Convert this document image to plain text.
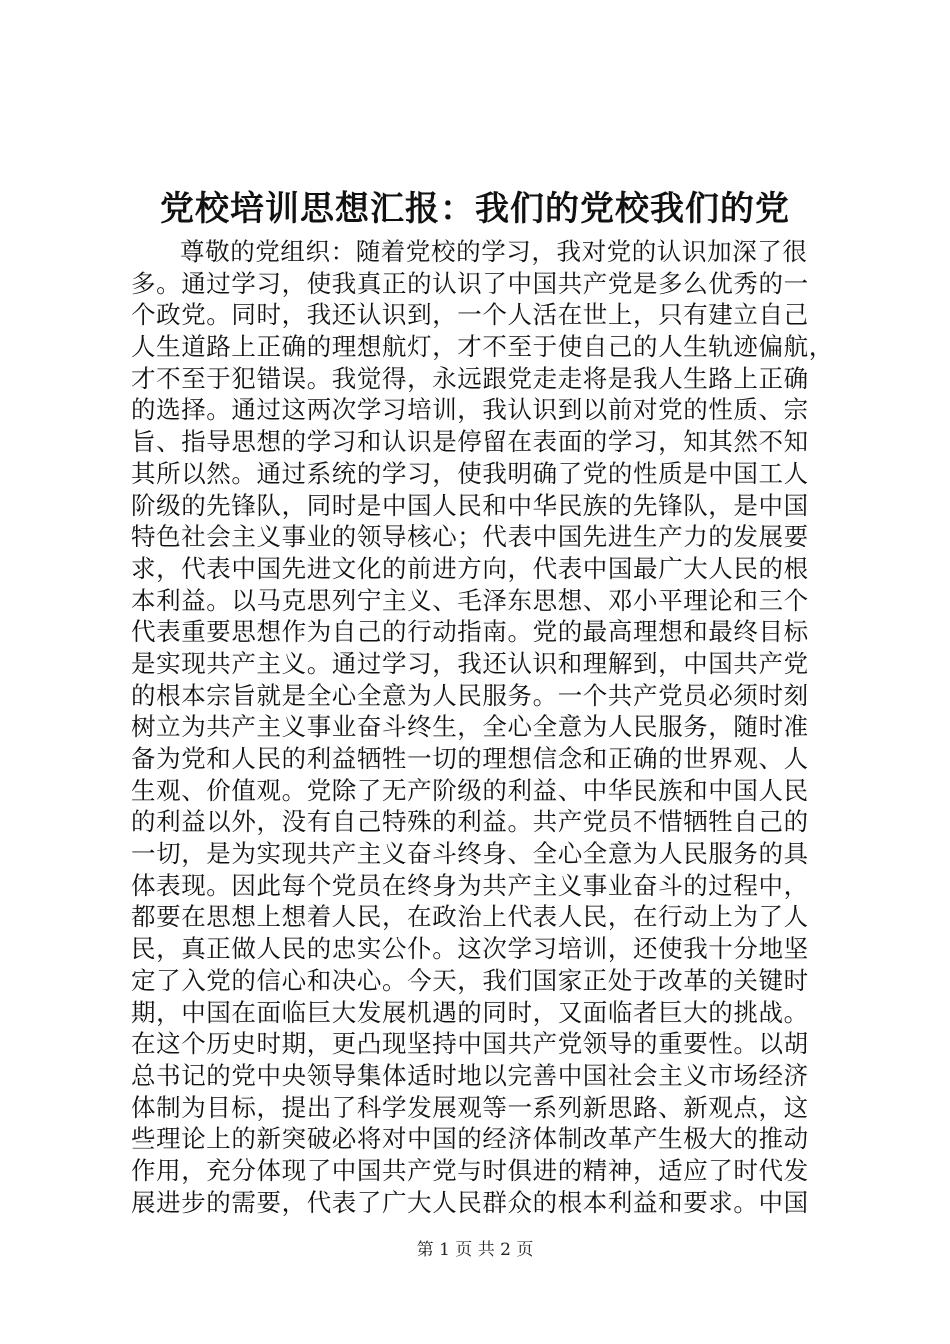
党校培训思想汇报：我们的党校我们的党
尊敬的党组织：随着党校的学习，我对党的认识加深了很
多。通过学习，使我真正的认识了中国共产党是多么优秀的一
个政党。同时，我还认识到，一个人活在世上，只有建立自己
人生道路上正确的理想航灯，才不至于使自己的人生轨迹偏航，
才不至于犯错误。我觉得，永远跟党走走将是我人生路上正确
的选择。通过这两次学习培训，我认识到以前对党的性质、宗
旨、指导思想的学习和认识是停留在表面的学习，知其然不知
其所以然。通过系统的学习，使我明确了党的性质是中国工人
阶级的先锋队，同时是中国人民和中华民族的先锋队，是中国
特色社会主义事业的领导核心；代表中国先进生产力的发展要
求，代表中国先进文化的前进方向，代表中国最广大人民的根
本利益。以马克思列宁主义、毛泽东思想、邓小平理论和三个
代表重要思想作为自己的行动指南。党的最高理想和最终目标
是实现共产主义。通过学习，我还认识和理解到，中国共产党
的根本宗旨就是全心全意为人民服务。一个共产党员必须时刻
树立为共产主义事业奋斗终生，全心全意为人民服务，随时准
备为党和人民的利益牺牲一切的理想信念和正确的世界观、人
生观、价值观。党除了无产阶级的利益、中华民族和中国人民
的利益以外，没有自己特殊的利益。共产党员不惜牺牲自己的
一切，是为实现共产主义奋斗终身、全心全意为人民服务的具
体表现。因此每个党员在终身为共产主义事业奋斗的过程中，
都要在思想上想着人民，在政治上代表人民，在行动上为了人
民，真正做人民的忠实公仆。这次学习培训，还使我十分地坚
定了入党的信心和决心。今天，我们国家正处于改革的关键时
期，中国在面临巨大发展机遇的同时，又面临者巨大的挑战。
在这个历史时期，更凸现坚持中国共产党领导的重要性。以胡
总书记的党中央领导集体适时地以完善中国社会主义市场经济
体制为目标，提出了科学发展观等一系列新思路、新观点，这
些理论上的新突破必将对中国的经济体制改革产生极大的推动
作用，充分体现了中国共产党与时俱进的精神，适应了时代发
展进步的需要，代表了广大人民群众的根本利益和要求。中国
第 1 页 共 2 页
